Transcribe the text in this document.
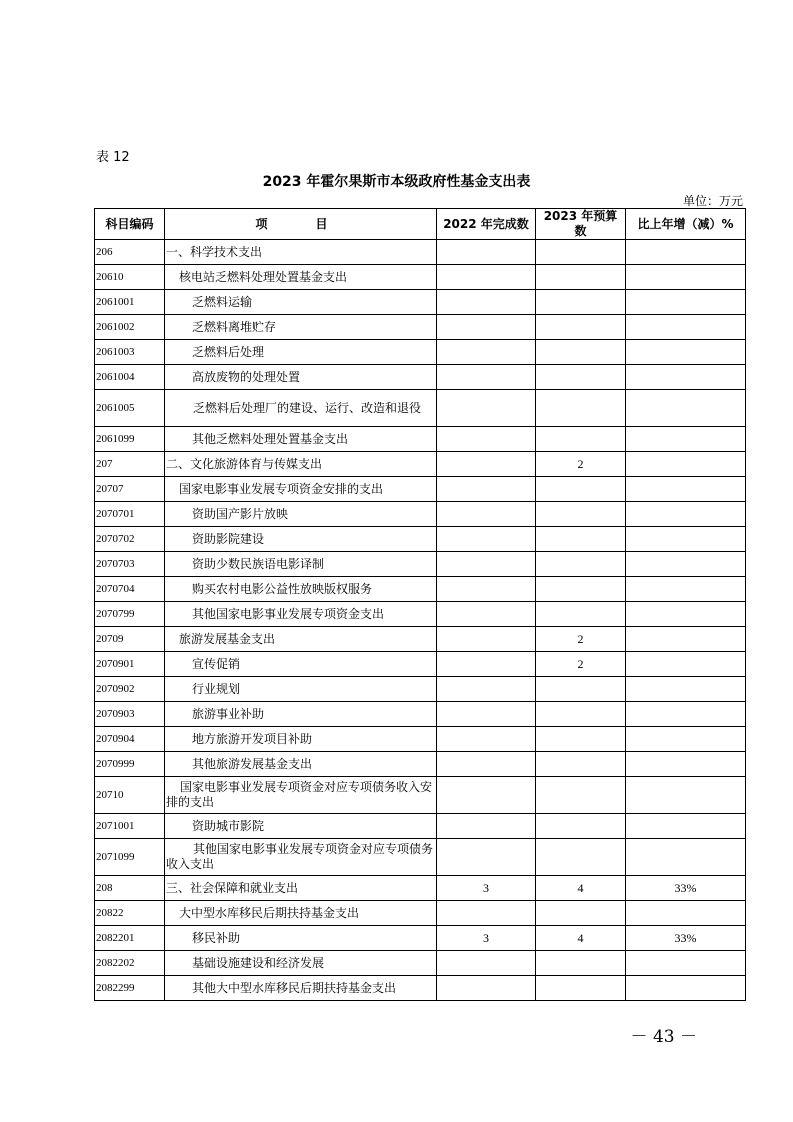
表 12
2023 年霍尔果斯市本级政府性基金支出表
单位：万元
科目编码	项　目	2022 年完成数	2023 年预算数	比上年增（减）%
206	一、科学技术支出			
20610	核电站乏燃料处理处置基金支出			
2061001	乏燃料运输			
2061002	乏燃料离堆贮存			
2061003	乏燃料后处理			
2061004	高放废物的处理处置			
2061005	乏燃料后处理厂的建设、运行、改造和退役			
2061099	其他乏燃料处理处置基金支出			
207	二、文化旅游体育与传媒支出		2	
20707	国家电影事业发展专项资金安排的支出			
2070701	资助国产影片放映			
2070702	资助影院建设			
2070703	资助少数民族语电影译制			
2070704	购买农村电影公益性放映版权服务			
2070799	其他国家电影事业发展专项资金支出			
20709	旅游发展基金支出		2	
2070901	宣传促销		2	
2070902	行业规划			
2070903	旅游事业补助			
2070904	地方旅游开发项目补助			
2070999	其他旅游发展基金支出			
20710	国家电影事业发展专项资金对应专项债务收入安排的支出			
2071001	资助城市影院			
2071099	其他国家电影事业发展专项资金对应专项债务收入支出			
208	三、社会保障和就业支出	3	4	33%
20822	大中型水库移民后期扶持基金支出			
2082201	移民补助	3	4	33%
2082202	基础设施建设和经济发展			
2082299	其他大中型水库移民后期扶持基金支出			
－ 43 －
